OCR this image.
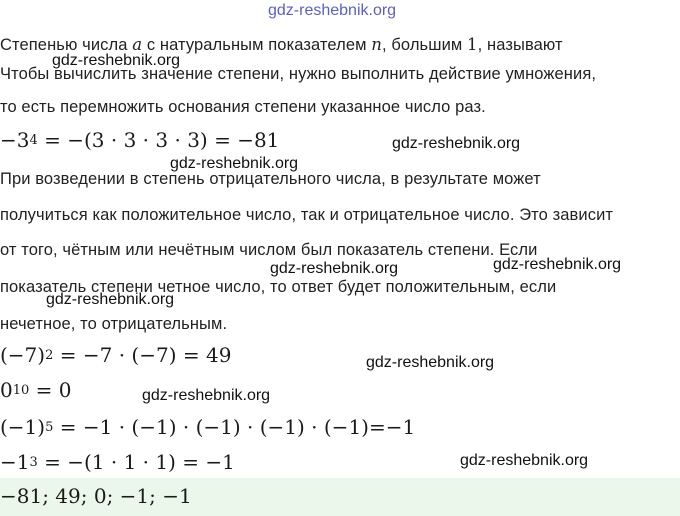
gdz-reshebnik.org
Степенью числа a с натуральным показателем n, большим 1, называют
gdz-reshebnik.org
Чтобы вычислить значение степени, нужно выполнить действие умножения,
то есть перемножить основания степени указанное число раз.
$-3^4 = -(3 \cdot 3 \cdot 3 \cdot 3) = -81$	gdz-reshebnik.org
gdz-reshebnik.org
При возведении в степень отрицательного числа, в результате может
получиться как положительное число, так и отрицательное число. Это зависит
от того, чётным или нечётным числом был показатель степени. Если
gdz-reshebnik.org	gdz-reshebnik.org
показатель степени четное число, то ответ будет положительным, если
gdz-reshebnik.org
нечетное, то отрицательным.
$(-7)^2 = -7 \cdot (-7) = 49$	gdz-reshebnik.org
$0^{10} = 0$	gdz-reshebnik.org
$(-1)^5 = -1 \cdot (-1) \cdot (-1) \cdot (-1) \cdot (-1)=-1$
$-1^3 = -(1 \cdot 1 \cdot 1) = -1$	gdz-reshebnik.org
−81; 49; 0; −1; −1
